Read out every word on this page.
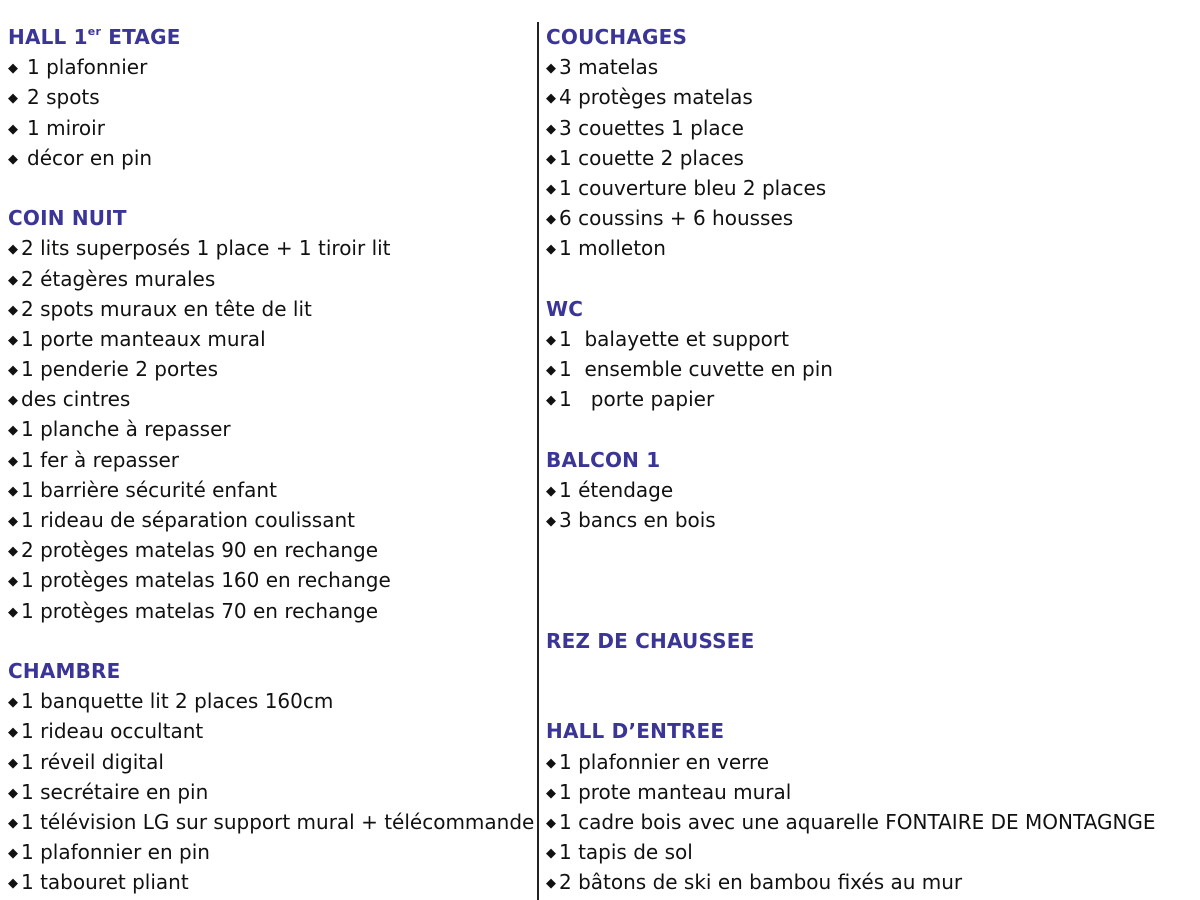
HALL 1er ETAGE
◆ 1 plafonnier
◆ 2 spots
◆ 1 miroir
◆ décor en pin
COIN NUIT
◆ 2 lits superposés 1 place + 1 tiroir lit
◆ 2 étagères murales
◆ 2 spots muraux en tête de lit
◆ 1 porte manteaux mural
◆ 1 penderie 2 portes
◆ des cintres
◆ 1 planche à repasser
◆ 1 fer à repasser
◆ 1 barrière sécurité enfant
◆ 1 rideau de séparation coulissant
◆ 2 protèges matelas 90 en rechange
◆ 1 protèges matelas 160 en rechange
◆ 1 protèges matelas 70 en rechange
CHAMBRE
◆ 1 banquette lit 2 places 160cm
◆ 1 rideau occultant
◆ 1 réveil digital
◆ 1 secrétaire en pin
◆ 1 télévision LG sur support mural + télécommande
◆ 1 plafonnier en pin
◆ 1 tabouret pliant
COUCHAGES
◆ 3 matelas
◆ 4 protèges matelas
◆ 3 couettes 1 place
◆ 1 couette 2 places
◆ 1 couverture bleu 2 places
◆ 6 coussins + 6 housses
◆ 1 molleton
WC
◆ 1  balayette et support
◆ 1  ensemble cuvette en pin
◆ 1   porte papier
BALCON 1
◆ 1 étendage
◆ 3 bancs en bois
REZ DE CHAUSSEE
HALL D’ENTREE
◆ 1 plafonnier en verre
◆ 1 prote manteau mural
◆ 1 cadre bois avec une aquarelle FONTAIRE DE MONTAGNGE
◆ 1 tapis de sol
◆ 2 bâtons de ski en bambou fixés au mur
